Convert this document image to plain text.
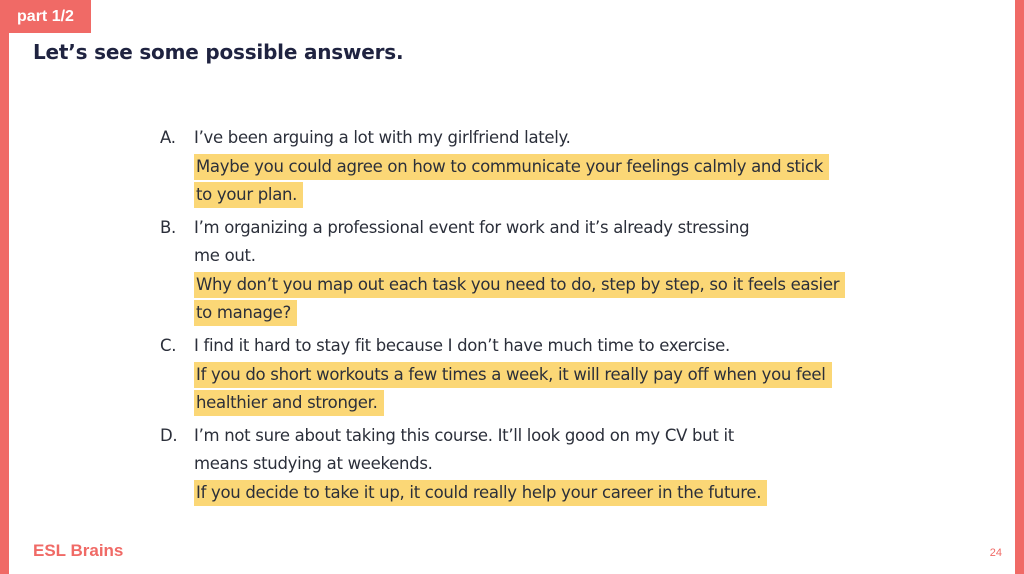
part 1/2
Let’s see some possible answers.
A. I’ve been arguing a lot with my girlfriend lately.
Maybe you could agree on how to communicate your feelings calmly and stick
to your plan.
B. I’m organizing a professional event for work and it’s already stressing
me out.
Why don’t you map out each task you need to do, step by step, so it feels easier
to manage?
C. I find it hard to stay fit because I don’t have much time to exercise.
If you do short workouts a few times a week, it will really pay off when you feel
healthier and stronger.
D. I’m not sure about taking this course. It’ll look good on my CV but it
means studying at weekends.
If you decide to take it up, it could really help your career in the future.
ESL Brains	24
